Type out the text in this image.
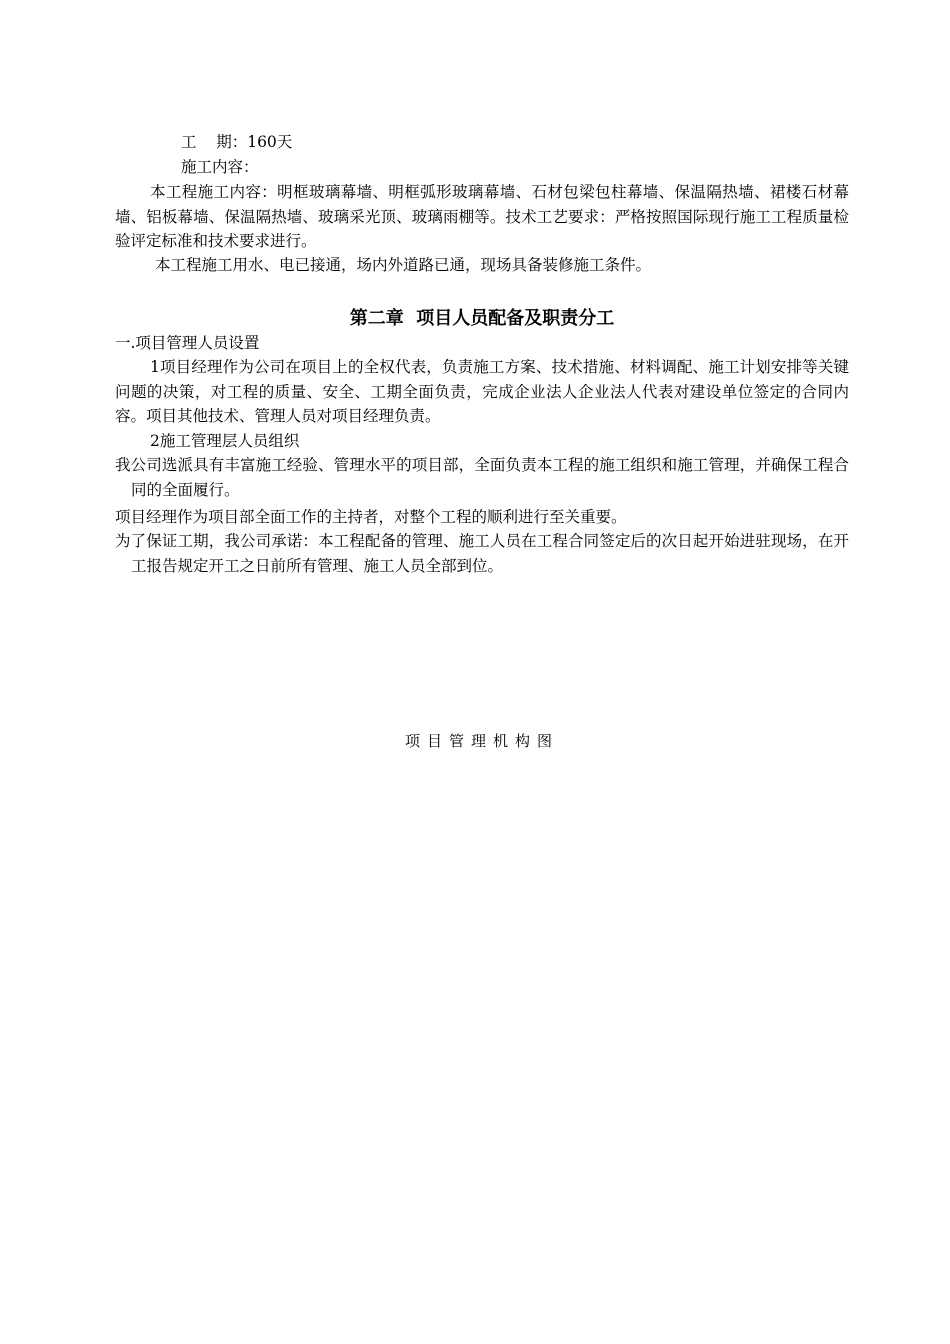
工    期：160天
施工内容：
本工程施工内容：明框玻璃幕墙、明框弧形玻璃幕墙、石材包梁包柱幕墙、保温隔热墙、裙楼石材幕墙、铝板幕墙、保温隔热墙、玻璃采光顶、玻璃雨棚等。技术工艺要求：严格按照国际现行施工工程质量检验评定标准和技术要求进行。
本工程施工用水、电已接通，场内外道路已通，现场具备装修施工条件。
第二章  项目人员配备及职责分工
一.项目管理人员设置
1项目经理作为公司在项目上的全权代表，负责施工方案、技术措施、材料调配、施工计划安排等关键问题的决策，对工程的质量、安全、工期全面负责，完成企业法人企业法人代表对建设单位签定的合同内容。项目其他技术、管理人员对项目经理负责。
2施工管理层人员组织
我公司选派具有丰富施工经验、管理水平的项目部，全面负责本工程的施工组织和施工管理，并确保工程合同的全面履行。
项目经理作为项目部全面工作的主持者，对整个工程的顺利进行至关重要。
为了保证工期，我公司承诺：本工程配备的管理、施工人员在工程合同签定后的次日起开始进驻现场，在开工报告规定开工之日前所有管理、施工人员全部到位。
项目管理机构图
